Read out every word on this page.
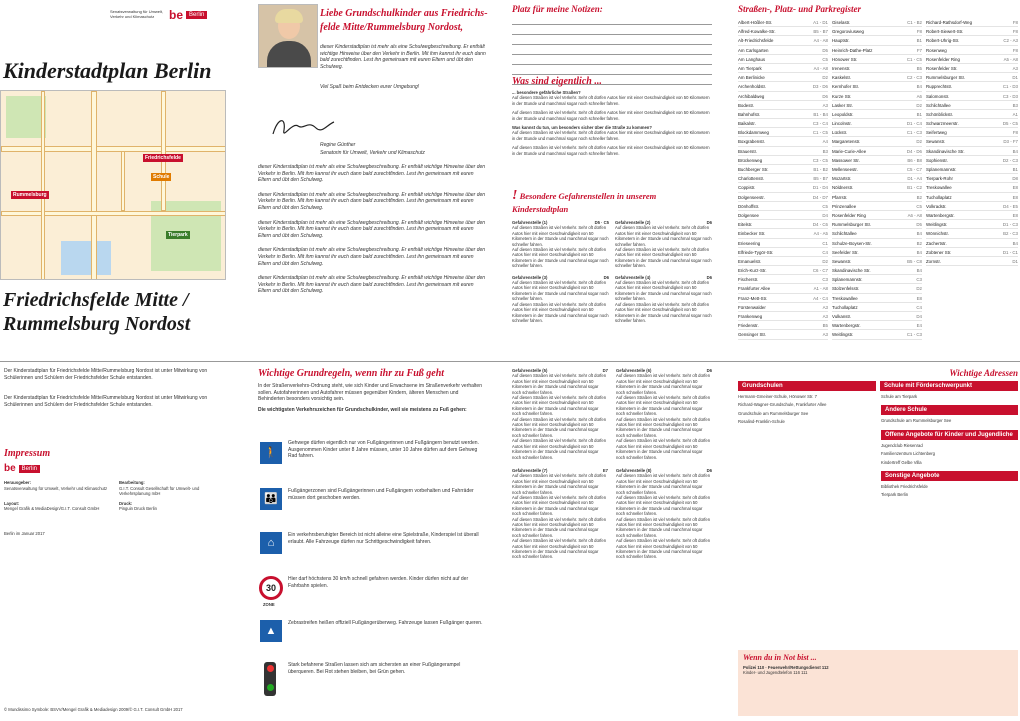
Senatsverwaltung für Umwelt, Verkehr und Klimaschutz	be	Berlin
Kinderstadtplan Berlin
Friedrichsfelde
Rummelsburg
Schule
Tierpark
Friedrichsfelde Mitte /
Rummelsburg Nordost
Liebe Grundschulkinder aus Friedrichs-
felde Mitte/Rummelsburg Nordost,
dieser Kinderstadtplan ist mehr als eine Schulwegbeschreibung. Er enthält wichtige Hinweise über den Verkehr in Berlin. Mit ihm kannst ihr euch dann bald zurechtfinden. Lest ihn gemeinsam mit euren Eltern und übt den Schulweg.
Viel Spaß beim Entdecken eurer Umgebung!
Regine Günther
Senatorin für Umwelt, Verkehr und Klimaschutz
dieser Kinderstadtplan ist mehr als eine Schulwegbeschreibung. Er enthält wichtige Hinweise über den Verkehr in Berlin. Mit ihm kannst ihr euch dann bald zurechtfinden. Lest ihn gemeinsam mit euren Eltern und übt den Schulweg.
dieser Kinderstadtplan ist mehr als eine Schulwegbeschreibung. Er enthält wichtige Hinweise über den Verkehr in Berlin. Mit ihm kannst ihr euch dann bald zurechtfinden. Lest ihn gemeinsam mit euren Eltern und übt den Schulweg.
dieser Kinderstadtplan ist mehr als eine Schulwegbeschreibung. Er enthält wichtige Hinweise über den Verkehr in Berlin. Mit ihm kannst ihr euch dann bald zurechtfinden. Lest ihn gemeinsam mit euren Eltern und übt den Schulweg.
dieser Kinderstadtplan ist mehr als eine Schulwegbeschreibung. Er enthält wichtige Hinweise über den Verkehr in Berlin. Mit ihm kannst ihr euch dann bald zurechtfinden. Lest ihn gemeinsam mit euren Eltern und übt den Schulweg.
dieser Kinderstadtplan ist mehr als eine Schulwegbeschreibung. Er enthält wichtige Hinweise über den Verkehr in Berlin. Mit ihm kannst ihr euch dann bald zurechtfinden. Lest ihn gemeinsam mit euren Eltern und übt den Schulweg.
Platz für meine Notizen:
Was sind eigentlich ...
... besondere gefährliche Straßen?
Auf diesen Straßen ist viel Verkehr. Sehr oft dürfen Autos hier mit einer Geschwindigkeit von 50 Kilometern in der Stunde und manchmal sogar noch schneller fahren.
Auf diesen Straßen ist viel Verkehr. Sehr oft dürfen Autos hier mit einer Geschwindigkeit von 50 Kilometern in der Stunde und manchmal sogar noch schneller fahren.
Was kannst du tun, um besonders sicher über die Straße zu kommen?
Auf diesen Straßen ist viel Verkehr. Sehr oft dürfen Autos hier mit einer Geschwindigkeit von 50 Kilometern in der Stunde und manchmal sogar noch schneller fahren.
Auf diesen Straßen ist viel Verkehr. Sehr oft dürfen Autos hier mit einer Geschwindigkeit von 50 Kilometern in der Stunde und manchmal sogar noch schneller fahren.
! Besondere Gefahrenstellen in unserem Kinderstadtplan
Gefahrenstelle (1)	D5 · C5
Auf diesen Straßen ist viel Verkehr. Sehr oft dürfen Autos hier mit einer Geschwindigkeit von 50 Kilometern in der Stunde und manchmal sogar noch schneller fahren.
Auf diesen Straßen ist viel Verkehr. Sehr oft dürfen Autos hier mit einer Geschwindigkeit von 50 Kilometern in der Stunde und manchmal sogar noch schneller fahren.
Gefahrenstelle (2)	D6
Auf diesen Straßen ist viel Verkehr. Sehr oft dürfen Autos hier mit einer Geschwindigkeit von 50 Kilometern in der Stunde und manchmal sogar noch schneller fahren.
Auf diesen Straßen ist viel Verkehr. Sehr oft dürfen Autos hier mit einer Geschwindigkeit von 50 Kilometern in der Stunde und manchmal sogar noch schneller fahren.
Gefahrenstelle (3)	D6
Auf diesen Straßen ist viel Verkehr. Sehr oft dürfen Autos hier mit einer Geschwindigkeit von 50 Kilometern in der Stunde und manchmal sogar noch schneller fahren.
Auf diesen Straßen ist viel Verkehr. Sehr oft dürfen Autos hier mit einer Geschwindigkeit von 50 Kilometern in der Stunde und manchmal sogar noch schneller fahren.
Gefahrenstelle (4)	D6
Auf diesen Straßen ist viel Verkehr. Sehr oft dürfen Autos hier mit einer Geschwindigkeit von 50 Kilometern in der Stunde und manchmal sogar noch schneller fahren.
Auf diesen Straßen ist viel Verkehr. Sehr oft dürfen Autos hier mit einer Geschwindigkeit von 50 Kilometern in der Stunde und manchmal sogar noch schneller fahren.
Straßen-, Platz- und Parkregister
Albert-Hößler-Str.	A1 - D1
Alfred-Kowalke-Str.	B5 - B7
Alt-Friedrichsfelde	A4 - A8
Am Carlsgarten	D5
Am Langhaus	C5
Am Tierpark	A4 - A8
Am Berlinicke	D2
Archenholdstr.	D3 - D6
Archibaldweg	D6
Bodestr.	A3
Bahnhofstr.	B1 - B4
Baikalstr.	C3 - C4
Blockdammweg	C1 - C5
Boxgrabenstr.	A4
Brauerstr.	B3
Brückenweg	C3 - C5
Buchberger Str.	B1 - B2
Charlottenstr.	B5 - B7
Coppistr.	D1 - D4
Dolgenseestr.	D4 - D7
Dönhoffstr.	C5
Dolgensee	D4
Eitelstr.	D4 - C6
Einbecker Str.	A4 - A5
Erieseering	C1
Elfriede-Tygör-Str.	C4
Emanuelstr.	D2
Erich-Kurz-Str.	C6 - C7
Fischerstr.	C3
Frankfurter Allee	A1 - A8
Franz-Mett-Str.	A4 - C4
Fürstenwalder	A3
Frankenweg	A3
Friedenstr.	B5
Gensinger Str.	A3
Giselastr.	C1 - B2
Gregoroviusweg	F8
Hauptstr.	B1
Heinrich-Dathe-Platz	F7
Hönower Str.	C1 - C5
Irenenstr.	B5
Kaskelstr.	C2 - C3
Kernhofer Str.	B4
Kurze Str.	A6
Lasker Str.	D2
Leopoldstr.	B1
Lincolnstr.	D1 - C4
Lückstr.	C1 - C3
Margaretenstr.	D2
Marie-Curie-Allee	D4 - D6
Massower Str.	B6 - B8
Mellenseestr.	C5 - C7
Mozartstr.	D1 - A4
Nöldnerstr.	B1 - C2
Pfarrstr.	B2
Prinzenallee	C5
Rosenfelder Ring	A6 - A8
Rummelsburger Str.	D5
Schlichtallee	B4
Schulze-Boysen-Str.	B2
Seefelder Str.	B4
Sewanstr.	B5 - C8
Skandinavische Str.	B4
Splanemannstr.	C3
Stolzenfelsstr.	D2
Treskowallee	E8
Tuchollaplatz	C4
Vulkanstr.	D4
Wartenbergstr.	E4
Weitlingstr.	C1 - C3
Richard-Rathsdorf-Weg	F8
Robert-Siewert-Str.	F8
Robert-Uhrig-Str.	C2 - A3
Rosenweg	F8
Rosenfelder Ring	A5 - A8
Rosenfelder Str.	A3
Rummelsburger Str.	D1
Rupprechtstr.	C1 - D3
Salomonstr.	C3 - D3
Schlichtallee	B3
Schönblickstr.	A1
Schwarzmeerstr.	D5 - C5
Seifertweg	F8
Sewanstr.	D3 - F7
Skandinavische Str.	B4
Sophienstr.	D2 - C3
Splanemannstr.	B1
Tierpark-Rohr	D8
Treskowallee	E8
Tuchollaplatz	E8
Volkradstr.	D4 - E5
Wartenbergstr.	E8
Weitlingstr.	D1 - C3
Wönnichstr.	B2 - C3
Zachertstr.	B4
Zobtener Str.	D1 - C1
Zornstr.	D1
Der Kinderstadtplan für Friedrichsfelde Mitte/Rummelsburg Nordost ist unter Mitwirkung von Schülerinnen und Schülern der Friedrichsfelder Schule entstanden.
Der Kinderstadtplan für Friedrichsfelde Mitte/Rummelsburg Nordost ist unter Mitwirkung von Schülerinnen und Schülern der Friedrichsfelder Schule entstanden.
Impressum
be	Berlin
Herausgeber:
Senatsverwaltung für Umwelt, Verkehr und Klimaschutz
Bearbeitung:
G.I.T. Consult Gesellschaft für Umwelt- und Verkehrsplanung mbH
Layout:
Mengel Grafik & MediaDesign/G.I.T. Consult GmbH
Druck:
Pinguin Druck Berlin
Berlin im Januar 2017
© Mundissimo Symbole: BSVV/Mengel Grafik & Mediadesign 2009/© G.I.T. Consult GmbH 2017
Wichtige Grundregeln, wenn ihr zu Fuß geht
In der Straßenverkehrs-Ordnung steht, wie sich Kinder und Erwachsene im Straßenverkehr verhalten sollen. Autofahrerinnen und Autofahrer müssen gegenüber Kindern, älteren Menschen und Behinderten besonders vorsichtig sein.
Die wichtigsten Verkehrszeichen für Grundschulkinder, weil sie meistens zu Fuß gehen:
🚶
Gehwege dürfen eigentlich nur von Fußgängerinnen und Fußgängern benutzt werden. Ausgenommen Kinder unter 8 Jahre müssen, unter 10 Jahre dürfen auf dem Gehweg Rad fahren.
👪
Fußgängerzonen sind Fußgängerinnen und Fußgängern vorbehalten und Fahrräder müssen dort geschoben werden.
⌂
Ein verkehrsberuhigter Bereich ist nicht alleine eine Spielstraße, Kinderspiel ist überall erlaubt. Alle Fahrzeuge dürfen nur Schrittgeschwindigkeit fahren.
30
ZONE
Hier darf höchstens 30 km/h schnell gefahren werden. Kinder dürfen nicht auf der Fahrbahn spielen.
▲
Zebrastreifen heißen offiziell Fußgängerüberweg. Fahrzeuge lassen Fußgänger queren.
Stark befahrene Straßen lassen sich am sichersten an einer Fußgängerampel überqueren. Bei Rot stehen bleiben, bei Grün gehen.
Gefahrenstelle (5)	D7
Auf diesen Straßen ist viel Verkehr. Sehr oft dürfen Autos hier mit einer Geschwindigkeit von 50 Kilometern in der Stunde und manchmal sogar noch schneller fahren.
Auf diesen Straßen ist viel Verkehr. Sehr oft dürfen Autos hier mit einer Geschwindigkeit von 50 Kilometern in der Stunde und manchmal sogar noch schneller fahren.
Auf diesen Straßen ist viel Verkehr. Sehr oft dürfen Autos hier mit einer Geschwindigkeit von 50 Kilometern in der Stunde und manchmal sogar noch schneller fahren.
Auf diesen Straßen ist viel Verkehr. Sehr oft dürfen Autos hier mit einer Geschwindigkeit von 50 Kilometern in der Stunde und manchmal sogar noch schneller fahren.
Gefahrenstelle (6)	D6
Auf diesen Straßen ist viel Verkehr. Sehr oft dürfen Autos hier mit einer Geschwindigkeit von 50 Kilometern in der Stunde und manchmal sogar noch schneller fahren.
Auf diesen Straßen ist viel Verkehr. Sehr oft dürfen Autos hier mit einer Geschwindigkeit von 50 Kilometern in der Stunde und manchmal sogar noch schneller fahren.
Auf diesen Straßen ist viel Verkehr. Sehr oft dürfen Autos hier mit einer Geschwindigkeit von 50 Kilometern in der Stunde und manchmal sogar noch schneller fahren.
Auf diesen Straßen ist viel Verkehr. Sehr oft dürfen Autos hier mit einer Geschwindigkeit von 50 Kilometern in der Stunde und manchmal sogar noch schneller fahren.
Gefahrenstelle (7)	E7
Auf diesen Straßen ist viel Verkehr. Sehr oft dürfen Autos hier mit einer Geschwindigkeit von 50 Kilometern in der Stunde und manchmal sogar noch schneller fahren.
Auf diesen Straßen ist viel Verkehr. Sehr oft dürfen Autos hier mit einer Geschwindigkeit von 50 Kilometern in der Stunde und manchmal sogar noch schneller fahren.
Auf diesen Straßen ist viel Verkehr. Sehr oft dürfen Autos hier mit einer Geschwindigkeit von 50 Kilometern in der Stunde und manchmal sogar noch schneller fahren.
Auf diesen Straßen ist viel Verkehr. Sehr oft dürfen Autos hier mit einer Geschwindigkeit von 50 Kilometern in der Stunde und manchmal sogar noch schneller fahren.
Gefahrenstelle (8)	D6
Auf diesen Straßen ist viel Verkehr. Sehr oft dürfen Autos hier mit einer Geschwindigkeit von 50 Kilometern in der Stunde und manchmal sogar noch schneller fahren.
Auf diesen Straßen ist viel Verkehr. Sehr oft dürfen Autos hier mit einer Geschwindigkeit von 50 Kilometern in der Stunde und manchmal sogar noch schneller fahren.
Auf diesen Straßen ist viel Verkehr. Sehr oft dürfen Autos hier mit einer Geschwindigkeit von 50 Kilometern in der Stunde und manchmal sogar noch schneller fahren.
Auf diesen Straßen ist viel Verkehr. Sehr oft dürfen Autos hier mit einer Geschwindigkeit von 50 Kilometern in der Stunde und manchmal sogar noch schneller fahren.
Wichtige Adressen
Grundschulen	Schule mit Förderschwerpunkt
Hermann-Gmeiner-Schule, Hönower Str. 7
Richard-Wagner-Grundschule, Frankfurter Allee
Grundschule am Rummelsburger See
Rosalind-Franklin-Schule
Schule am Tierpark
Andere Schule
Grundschule am Rummelsburger See
Offene Angebote für Kinder und Jugendliche
Jugendclub Riesenrad
Familienzentrum Lichtenberg
Kindertreff Gelbe Villa
Sonstige Angebote
Bibliothek Friedrichsfelde
Tierpark Berlin
Wenn du in Not bist ...
Polizei 110 · Feuerwehr/Rettungsdienst 112
Kinder- und Jugendtelefon 116 111
